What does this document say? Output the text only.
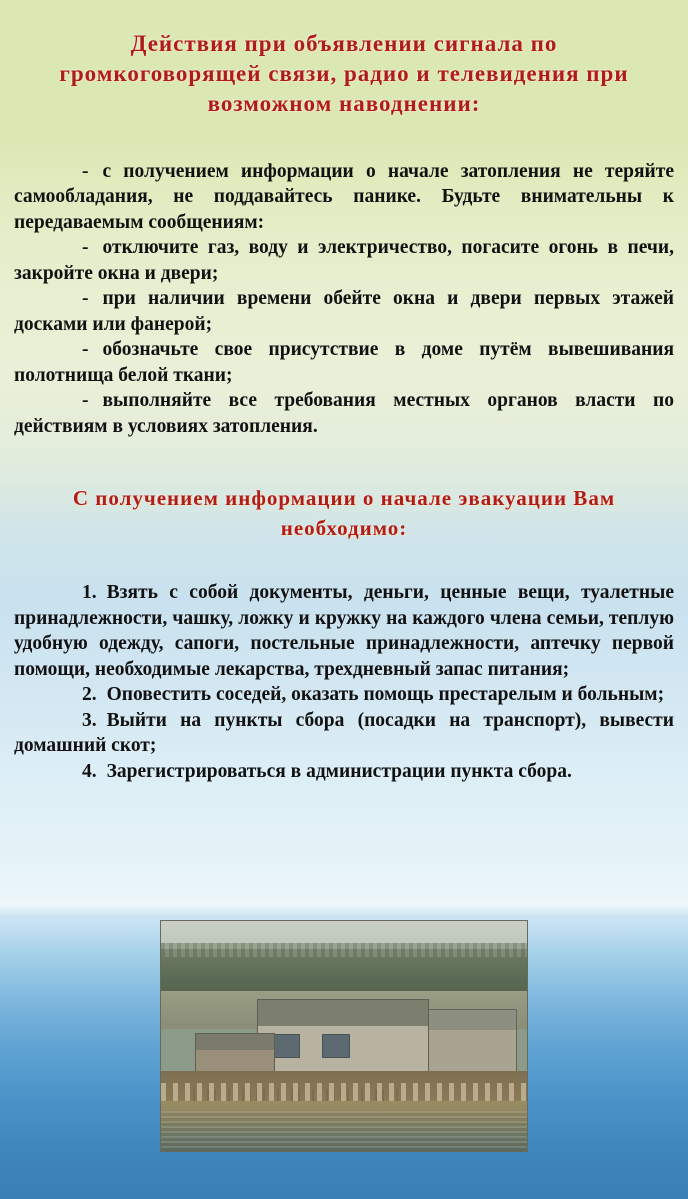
Действия при объявлении сигнала по громкоговорящей связи, радио и телевидения при возможном наводнении:

- с получением информации о начале затопления не теряйте самообладания, не поддавайтесь панике. Будьте внимательны к передаваемым сообщениям:

- отключите газ, воду и электричество, погасите огонь в печи, закройте окна и двери;

- при наличии времени обейте окна и двери первых этажей досками или фанерой;

- обозначьте свое присутствие в доме путём вывешивания полотнища белой ткани;

- выполняйте все требования местных органов власти по действиям в условиях затопления.

С получением информации о начале эвакуации Вам необходимо:

1. Взять с собой документы, деньги, ценные вещи, туалетные принадлежности, чашку, ложку и кружку на каждого члена семьи, теплую удобную одежду, сапоги, постельные принадлежности, аптечку первой помощи, необходимые лекарства, трехдневный запас питания;

2. Оповестить соседей, оказать помощь престарелым и больным;

3. Выйти на пункты сбора (посадки на транспорт), вывести домашний скот;

4. Зарегистрироваться в администрации пункта сбора.
